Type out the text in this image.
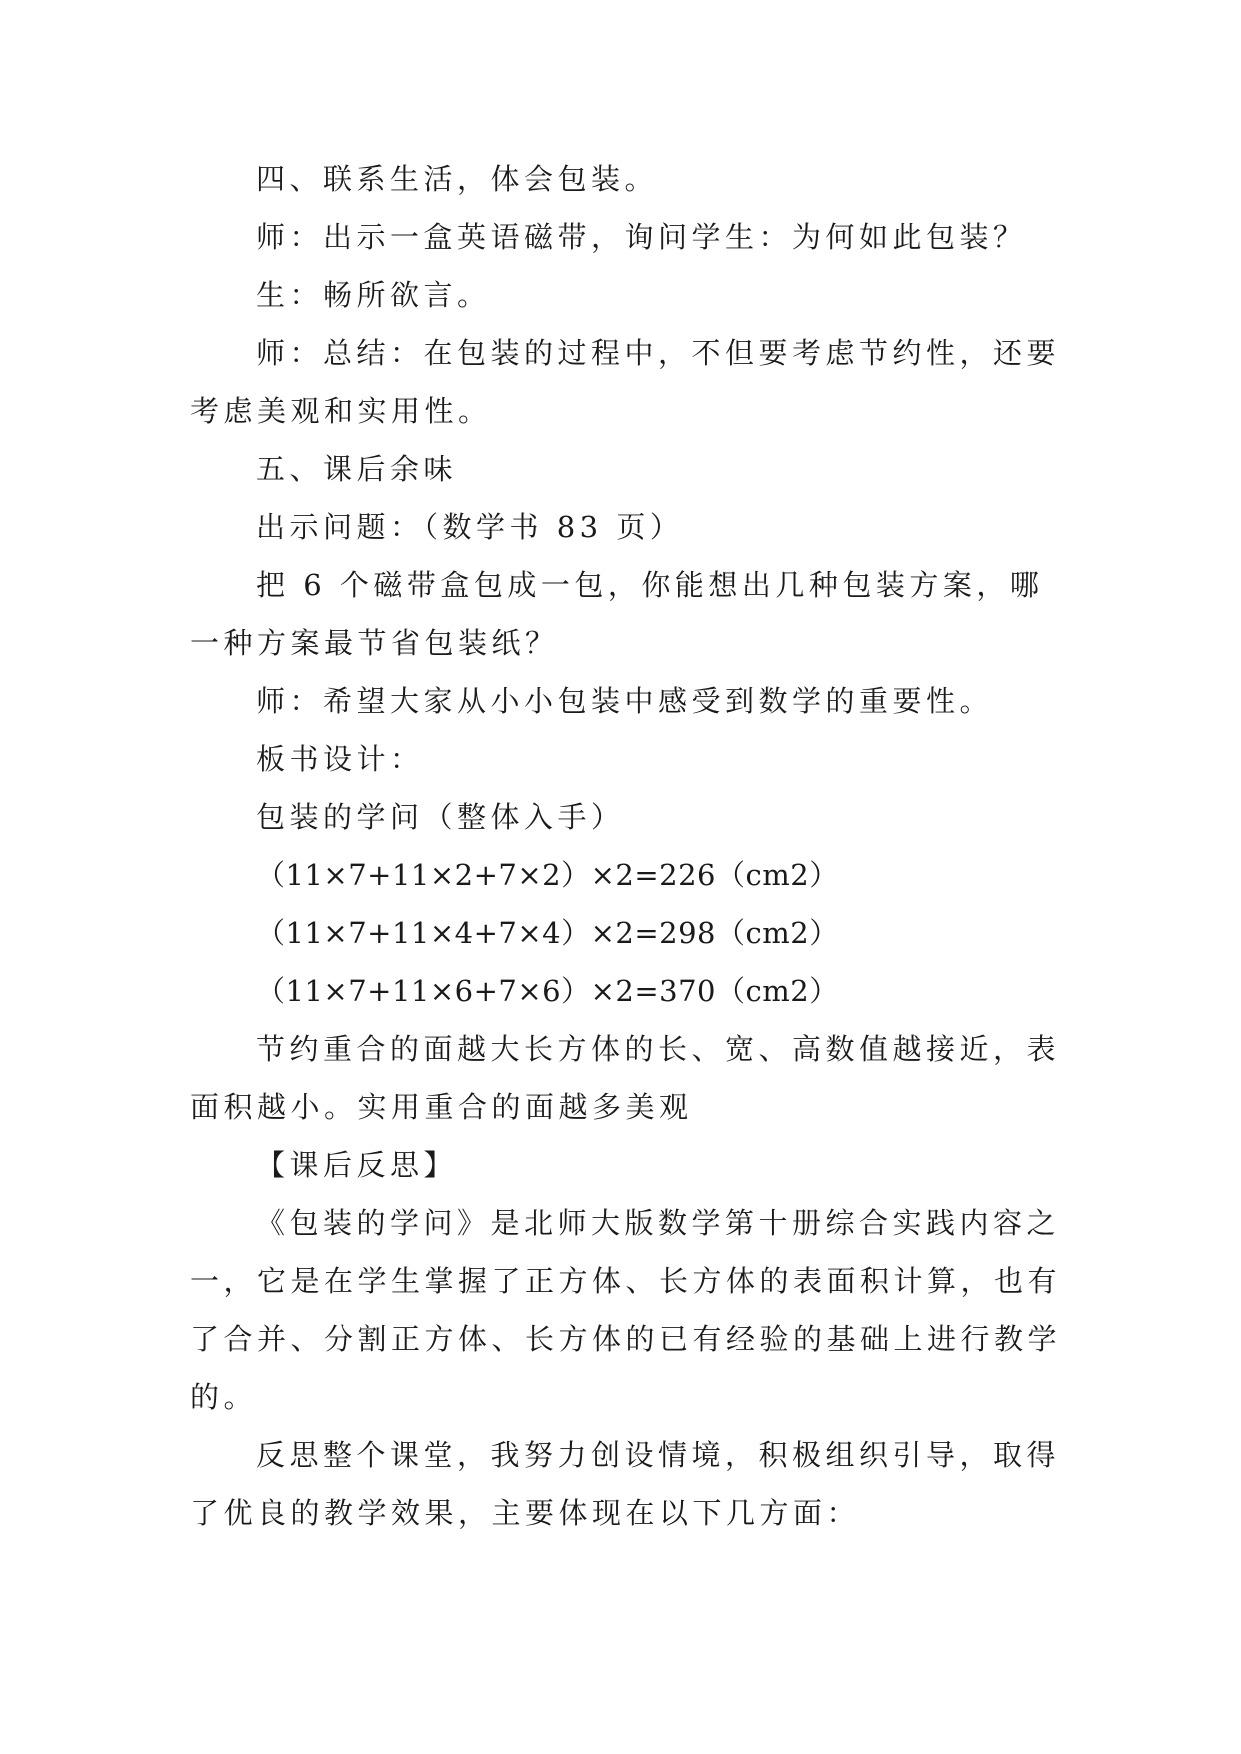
四、联系生活，体会包装。

师：出示一盒英语磁带，询问学生：为何如此包装？

生：畅所欲言。

师：总结：在包装的过程中，不但要考虑节约性，还要考虑美观和实用性。

五、课后余味

出示问题：（数学书 83 页）

把 6 个磁带盒包成一包，你能想出几种包装方案，哪一种方案最节省包装纸？

师：希望大家从小小包装中感受到数学的重要性。

板书设计：

包装的学问（整体入手）

（11×7+11×2+7×2）×2=226（cm2）

（11×7+11×4+7×4）×2=298（cm2）

（11×7+11×6+7×6）×2=370（cm2）

节约重合的面越大长方体的长、宽、高数值越接近，表面积越小。实用重合的面越多美观

【课后反思】

《包装的学问》是北师大版数学第十册综合实践内容之一，它是在学生掌握了正方体、长方体的表面积计算，也有了合并、分割正方体、长方体的已有经验的基础上进行教学的。

反思整个课堂，我努力创设情境，积极组织引导，取得了优良的教学效果，主要体现在以下几方面：
